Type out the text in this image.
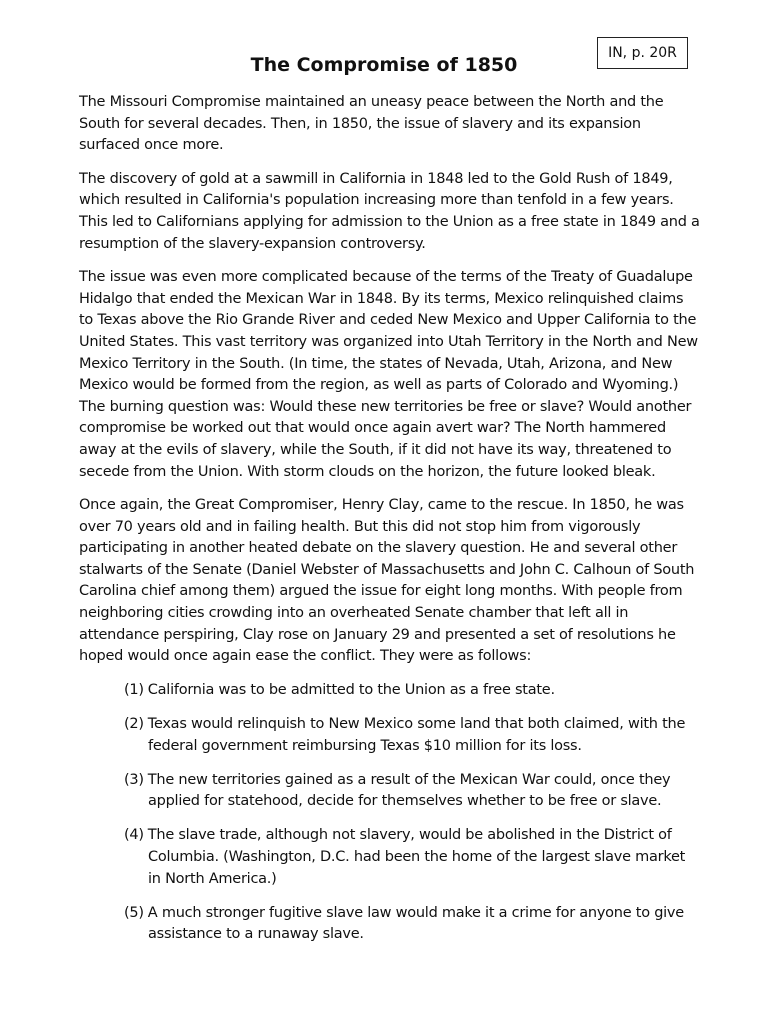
IN, p. 20R
The Compromise of 1850

The Missouri Compromise maintained an uneasy peace between the North and the South for several decades. Then, in 1850, the issue of slavery and its expansion surfaced once more.

The discovery of gold at a sawmill in California in 1848 led to the Gold Rush of 1849, which resulted in California's population increasing more than tenfold in a few years. This led to Californians applying for admission to the Union as a free state in 1849 and a resumption of the slavery-expansion controversy.

The issue was even more complicated because of the terms of the Treaty of Guadalupe Hidalgo that ended the Mexican War in 1848. By its terms, Mexico relinquished claims to Texas above the Rio Grande River and ceded New Mexico and Upper California to the United States. This vast territory was organized into Utah Territory in the North and New Mexico Territory in the South. (In time, the states of Nevada, Utah, Arizona, and New Mexico would be formed from the region, as well as parts of Colorado and Wyoming.) The burning question was: Would these new territories be free or slave? Would another compromise be worked out that would once again avert war? The North hammered away at the evils of slavery, while the South, if it did not have its way, threatened to secede from the Union. With storm clouds on the horizon, the future looked bleak.

Once again, the Great Compromiser, Henry Clay, came to the rescue. In 1850, he was over 70 years old and in failing health. But this did not stop him from vigorously participating in another heated debate on the slavery question. He and several other stalwarts of the Senate (Daniel Webster of Massachusetts and John C. Calhoun of South Carolina chief among them) argued the issue for eight long months. With people from neighboring cities crowding into an overheated Senate chamber that left all in attendance perspiring, Clay rose on January 29 and presented a set of resolutions he hoped would once again ease the conflict. They were as follows:

(1) California was to be admitted to the Union as a free state.
(2) Texas would relinquish to New Mexico some land that both claimed, with the federal government reimbursing Texas $10 million for its loss.
(3) The new territories gained as a result of the Mexican War could, once they applied for statehood, decide for themselves whether to be free or slave.
(4) The slave trade, although not slavery, would be abolished in the District of Columbia. (Washington, D.C. had been the home of the largest slave market in North America.)
(5) A much stronger fugitive slave law would make it a crime for anyone to give assistance to a runaway slave.
